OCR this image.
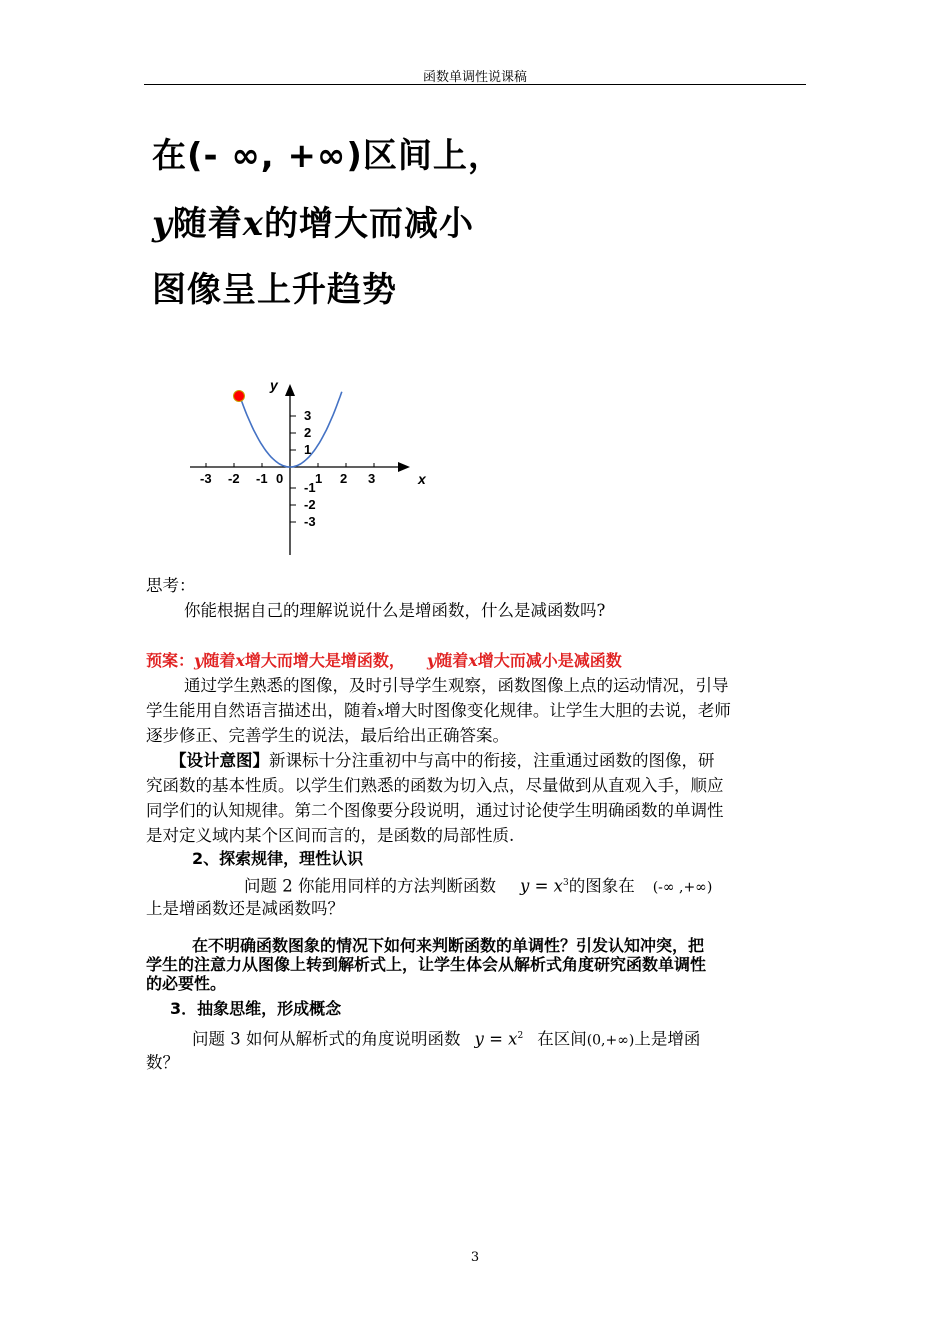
函数单调性说课稿
在(- ∞, +∞)区间上，
y随着x的增大而减小
图像呈上升趋势
-3 -2 -1 0 1 2 3
3
2
1
-1
-2
-3
y
x
思考：
你能根据自己的理解说说什么是增函数，什么是减函数吗?
预案：y随着x增大而增大是增函数， y随着x增大而减小是减函数
通过学生熟悉的图像，及时引导学生观察，函数图像上点的运动情况，引导
学生能用自然语言描述出，随着x增大时图像变化规律。让学生大胆的去说，老师
逐步修正、完善学生的说法，最后给出正确答案。
【设计意图】新课标十分注重初中与高中的衔接，注重通过函数的图像，研
究函数的基本性质。以学生们熟悉的函数为切入点，尽量做到从直观入手，顺应
同学们的认知规律。第二个图像要分段说明，通过讨论使学生明确函数的单调性
是对定义域内某个区间而言的，是函数的局部性质.
2、探索规律，理性认识
问题 2 你能用同样的方法判断函数 $y = x^3$的图象在 (-∞ ,+∞)
上是增函数还是减函数吗？
在不明确函数图象的情况下如何来判断函数的单调性？引发认知冲突，把
学生的注意力从图像上转到解析式上，让学生体会从解析式角度研究函数单调性
的必要性。
3．抽象思维，形成概念
问题 3 如何从解析式的角度说明函数 $y = x^2$ 在区间(0,+∞)上是增函
数？
3
